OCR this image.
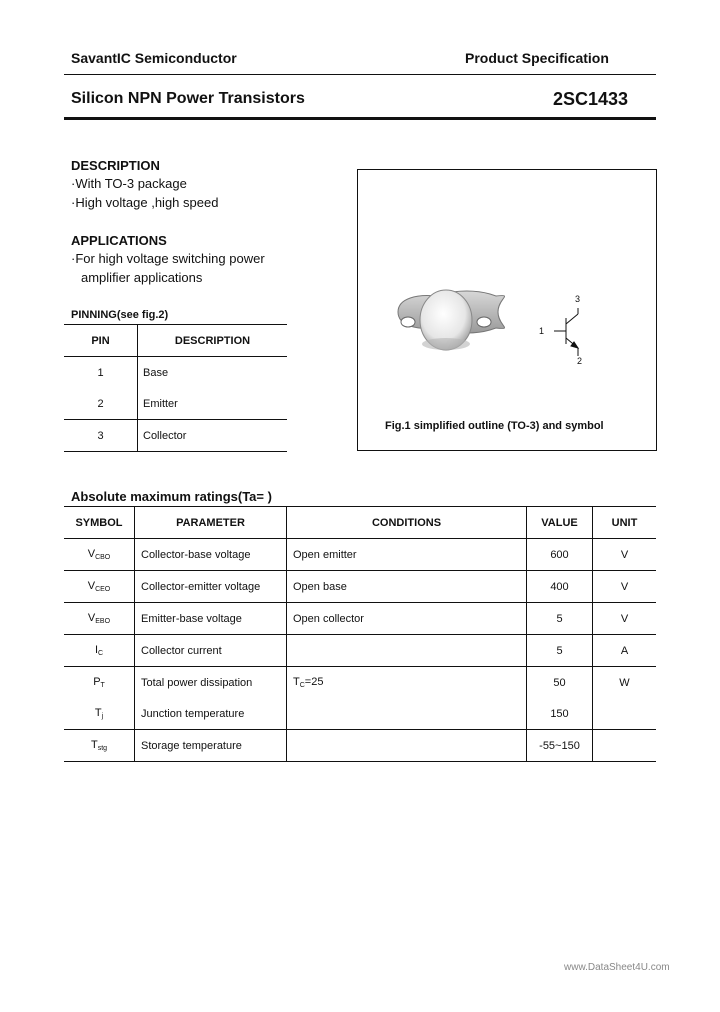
SavantIC Semiconductor	Product Specification
Silicon NPN Power Transistors	2SC1433
DESCRIPTION
·With TO-3 package
·High voltage ,high speed
APPLICATIONS
·For high voltage switching power
amplifier applications
PINNING(see fig.2)
PIN	DESCRIPTION
1	Base
2	Emitter
3	Collector
1
2
3
Fig.1 simplified outline (TO-3) and symbol
Absolute maximum ratings(Ta= )
SYMBOL	PARAMETER	CONDITIONS	VALUE	UNIT
$V_{CBO}$	Collector-base voltage	Open emitter	600	V
$V_{CEO}$	Collector-emitter voltage	Open base	400	V
$V_{EBO}$	Emitter-base voltage	Open collector	5	V
$I_C$	Collector current		5	A
$P_T$	Total power dissipation	$T_C=25$	50	W
$T_j$	Junction temperature		150	
$T_{stg}$	Storage temperature		-55~150	
www.DataSheet4U.com
